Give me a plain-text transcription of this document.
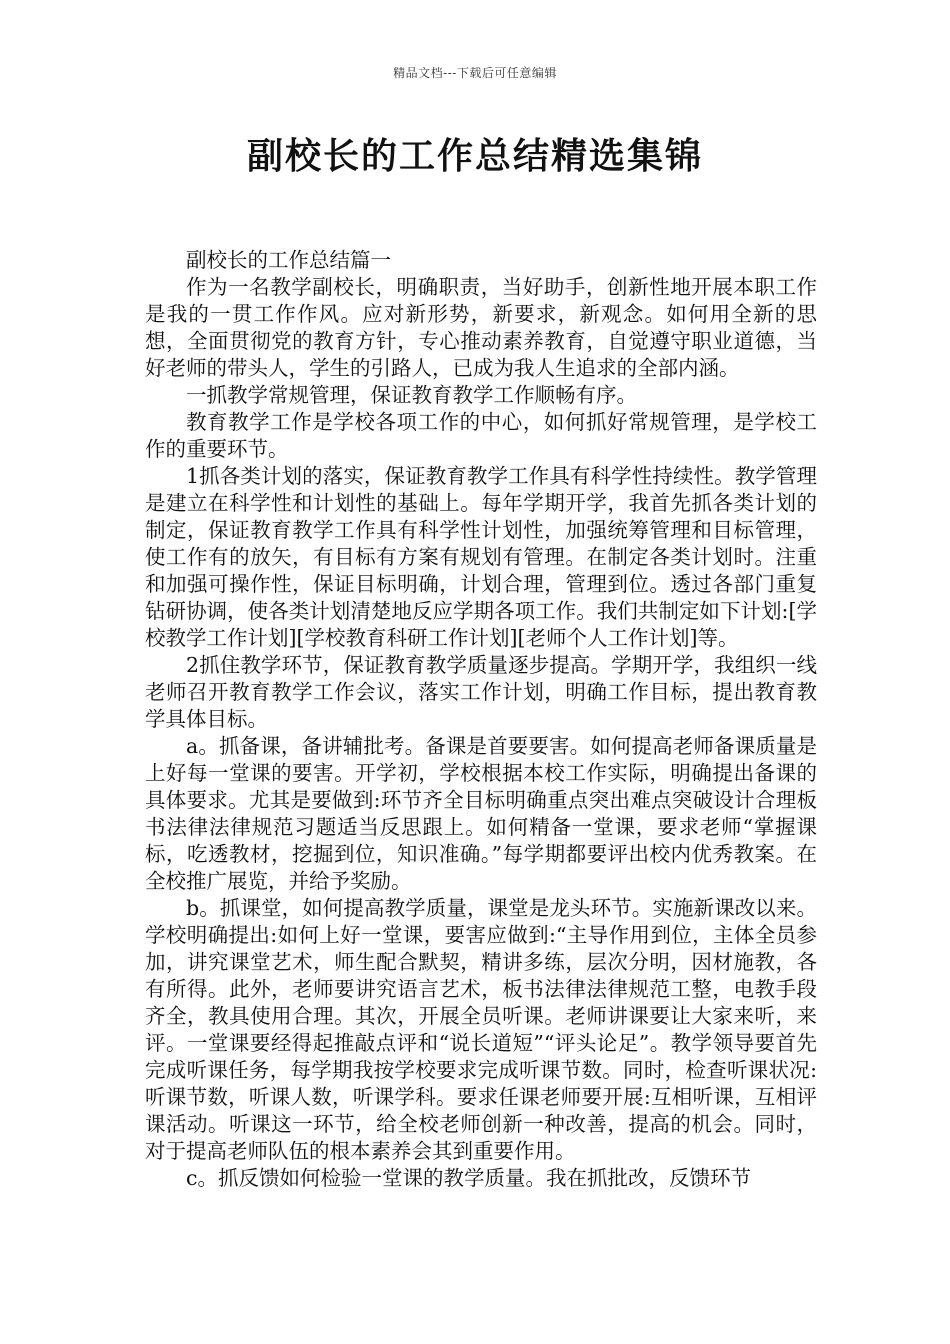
精品文档---下载后可任意编辑
副校长的工作总结精选集锦

副校长的工作总结篇一

作为一名教学副校长，明确职责，当好助手，创新性地开展本职工作是我的一贯工作作风。应对新形势，新要求，新观念。如何用全新的思想，全面贯彻党的教育方针，专心推动素养教育，自觉遵守职业道德，当好老师的带头人，学生的引路人，已成为我人生追求的全部内涵。

一抓教学常规管理，保证教育教学工作顺畅有序。

教育教学工作是学校各项工作的中心，如何抓好常规管理，是学校工作的重要环节。

1抓各类计划的落实，保证教育教学工作具有科学性持续性。教学管理是建立在科学性和计划性的基础上。每年学期开学，我首先抓各类计划的制定，保证教育教学工作具有科学性计划性，加强统筹管理和目标管理，使工作有的放矢，有目标有方案有规划有管理。在制定各类计划时。注重和加强可操作性，保证目标明确，计划合理，管理到位。透过各部门重复钻研协调，使各类计划清楚地反应学期各项工作。我们共制定如下计划:[学校教学工作计划][学校教育科研工作计划][老师个人工作计划]等。

2抓住教学环节，保证教育教学质量逐步提高。学期开学，我组织一线老师召开教育教学工作会议，落实工作计划，明确工作目标，提出教育教学具体目标。

a。抓备课，备讲辅批考。备课是首要要害。如何提高老师备课质量是上好每一堂课的要害。开学初，学校根据本校工作实际，明确提出备课的具体要求。尤其是要做到:环节齐全目标明确重点突出难点突破设计合理板书法律法律规范习题适当反思跟上。如何精备一堂课，要求老师“掌握课标，吃透教材，挖掘到位，知识准确。”每学期都要评出校内优秀教案。在全校推广展览，并给予奖励。

b。抓课堂，如何提高教学质量，课堂是龙头环节。实施新课改以来。学校明确提出:如何上好一堂课，要害应做到:“主导作用到位，主体全员参加，讲究课堂艺术，师生配合默契，精讲多练，层次分明，因材施教，各有所得。此外，老师要讲究语言艺术，板书法律法律规范工整，电教手段齐全，教具使用合理。其次，开展全员听课。老师讲课要让大家来听，来评。一堂课要经得起推敲点评和“说长道短”“评头论足”。教学领导要首先完成听课任务，每学期我按学校要求完成听课节数。同时，检查听课状况:听课节数，听课人数，听课学科。要求任课老师要开展:互相听课，互相评课活动。听课这一环节，给全校老师创新一种改善，提高的机会。同时，对于提高老师队伍的根本素养会其到重要作用。

c。抓反馈如何检验一堂课的教学质量。我在抓批改，反馈环节
